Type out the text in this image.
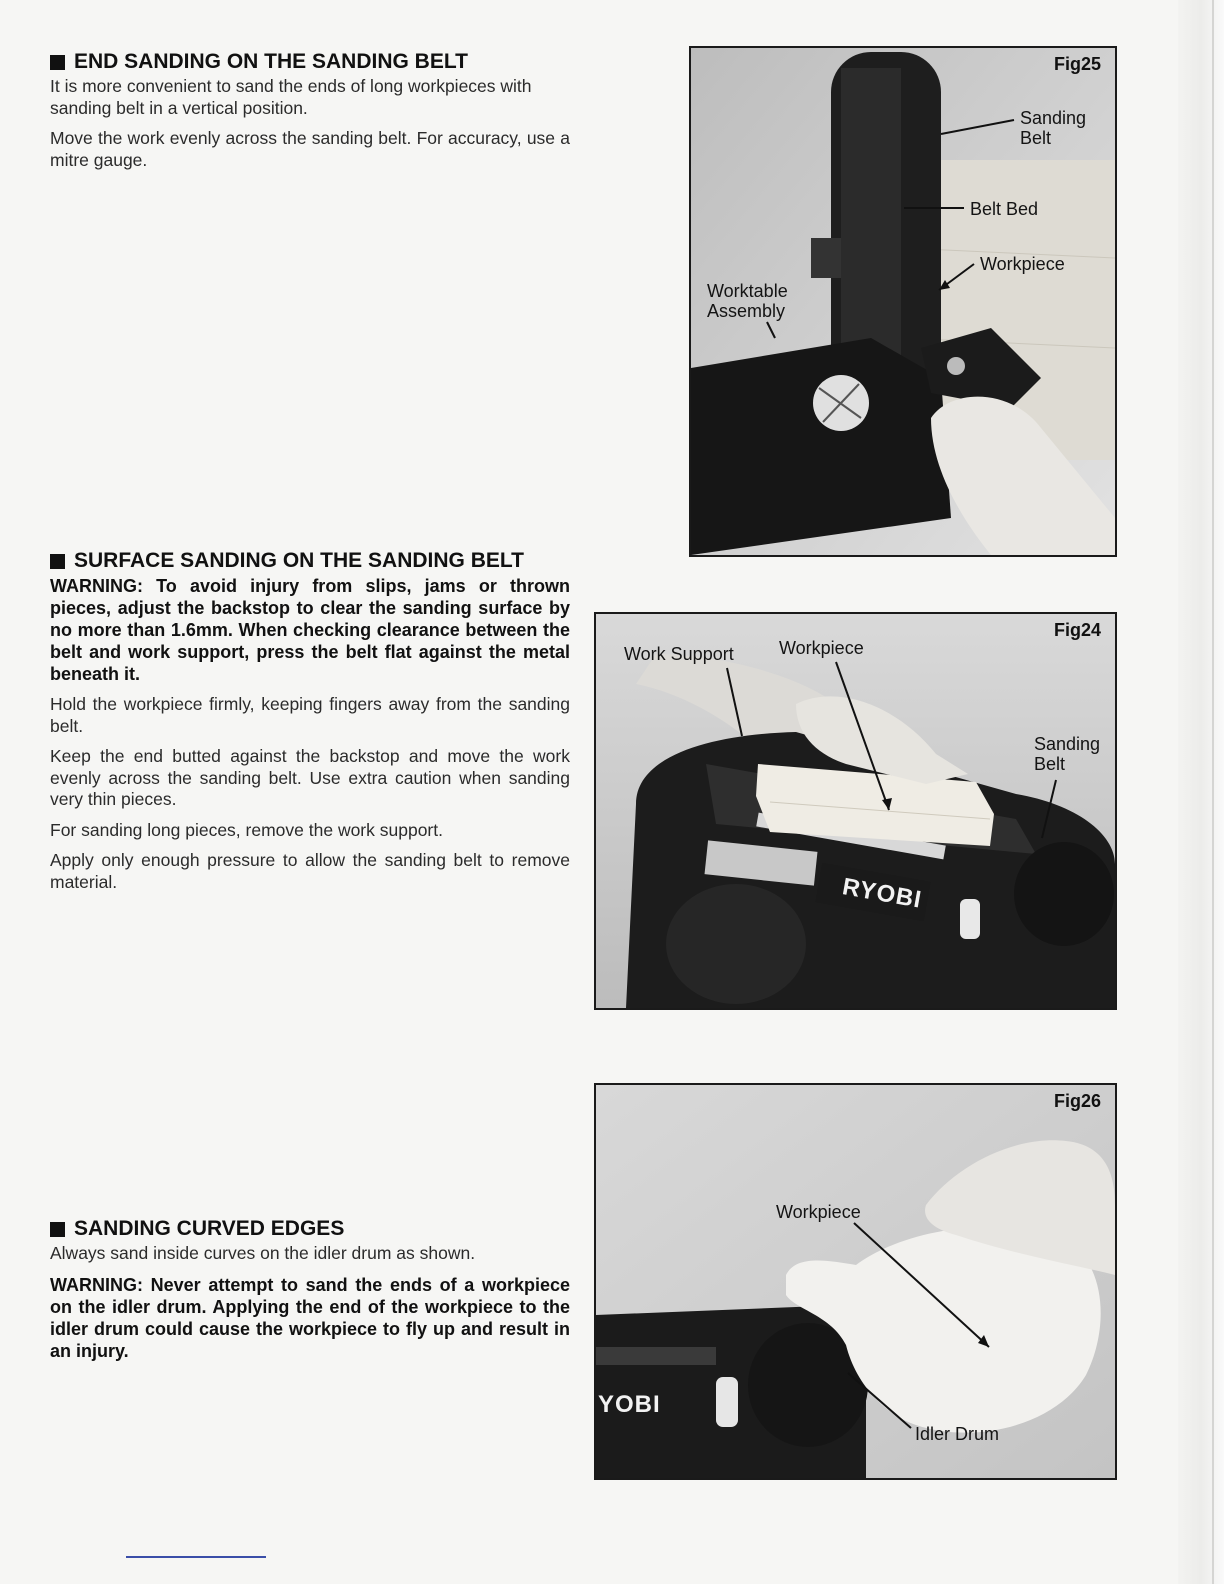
END SANDING ON THE SANDING BELT

It is more convenient to sand the ends of long workpieces with sanding belt in a vertical position.

Move the work evenly across the sanding belt. For accuracy, use a mitre gauge.

SURFACE SANDING ON THE SANDING BELT

WARNING: To avoid injury from slips, jams or thrown pieces, adjust the backstop to clear the sanding surface by no more than 1.6mm. When checking clearance between the belt and work support, press the belt flat against the metal beneath it.

Hold the workpiece firmly, keeping fingers away from the sanding belt.

Keep the end butted against the backstop and move the work evenly across the sanding belt. Use extra caution when sanding very thin pieces.

For sanding long pieces, remove the work support.

Apply only enough pressure to allow the sanding belt to remove material.

SANDING CURVED EDGES

Always sand inside curves on the idler drum as shown.

WARNING: Never attempt to sand the ends of a workpiece on the idler drum. Applying the end of the workpiece to the idler drum could cause the workpiece to fly up and result in an injury.

Fig25
Sanding
Belt
Belt Bed
Workpiece
Worktable
Assembly
Fig24
Work Support	Workpiece
Sanding
Belt
RYOBI
Fig26
Workpiece
Idler Drum
YOBI
